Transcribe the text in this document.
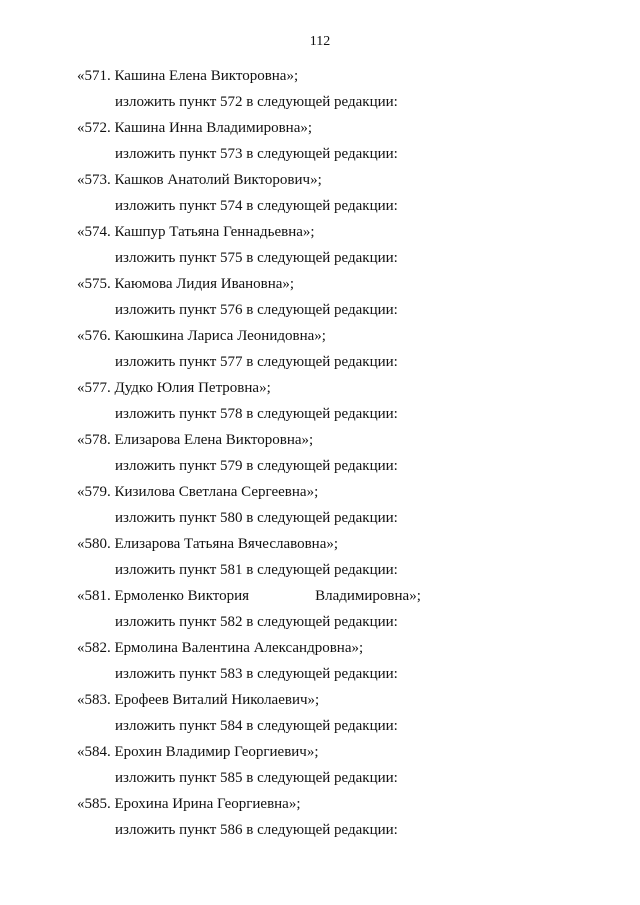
112
«571. Кашина Елена Викторовна»;
изложить пункт 572 в следующей редакции:
«572. Кашина Инна Владимировна»;
изложить пункт 573 в следующей редакции:
«573. Кашков Анатолий Викторович»;
изложить пункт 574 в следующей редакции:
«574. Кашпур Татьяна Геннадьевна»;
изложить пункт 575 в следующей редакции:
«575. Каюмова Лидия Ивановна»;
изложить пункт 576 в следующей редакции:
«576. Каюшкина Лариса Леонидовна»;
изложить пункт 577 в следующей редакции:
«577. Дудко Юлия Петровна»;
изложить пункт 578 в следующей редакции:
«578. Елизарова Елена Викторовна»;
изложить пункт 579 в следующей редакции:
«579. Кизилова Светлана Сергеевна»;
изложить пункт 580 в следующей редакции:
«580. Елизарова Татьяна Вячеславовна»;
изложить пункт 581 в следующей редакции:
«581. Ермоленко Виктория	Владимировна»;
изложить пункт 582 в следующей редакции:
«582. Ермолина Валентина Александровна»;
изложить пункт 583 в следующей редакции:
«583. Ерофеев Виталий Николаевич»;
изложить пункт 584 в следующей редакции:
«584. Ерохин Владимир Георгиевич»;
изложить пункт 585 в следующей редакции:
«585. Ерохина Ирина Георгиевна»;
изложить пункт 586 в следующей редакции:
